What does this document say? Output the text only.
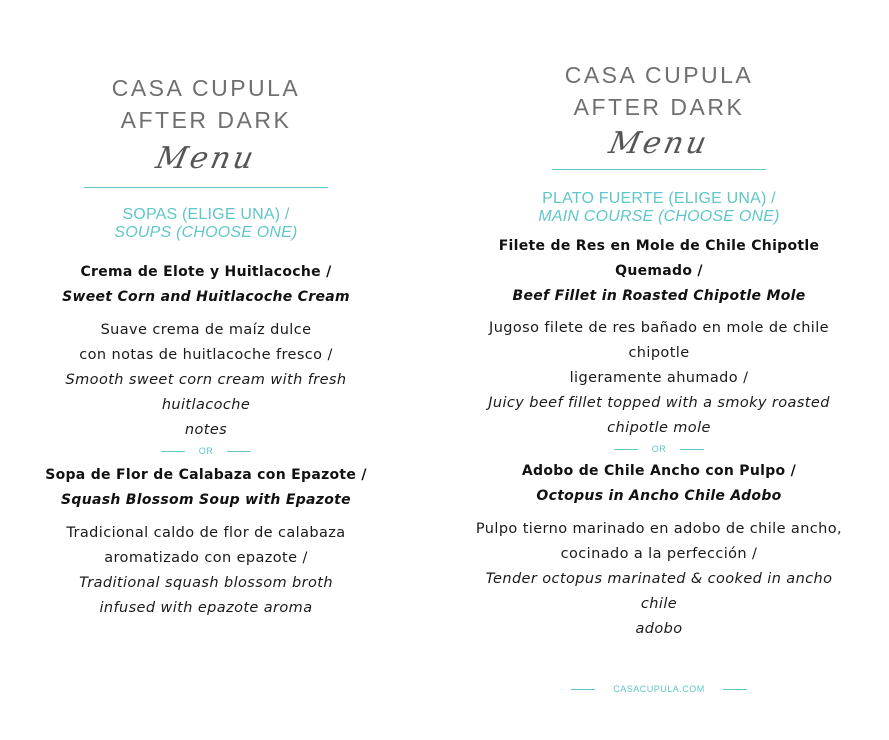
CASA CUPULA
AFTER DARK
Menu
SOPAS (ELIGE UNA) /
SOUPS (CHOOSE ONE)
Crema de Elote y Huitlacoche /
Sweet Corn and Huitlacoche Cream
Suave crema de maíz dulce
con notas de huitlacoche fresco /
Smooth sweet corn cream with fresh huitlacoche
notes
OR
Sopa de Flor de Calabaza con Epazote /
Squash Blossom Soup with Epazote
Tradicional caldo de flor de calabaza
aromatizado con epazote /
Traditional squash blossom broth
infused with epazote aroma
CASA CUPULA
AFTER DARK
Menu
PLATO FUERTE (ELIGE UNA) /
MAIN COURSE (CHOOSE ONE)
Filete de Res en Mole de Chile Chipotle
Quemado /
Beef Fillet in Roasted Chipotle Mole
Jugoso filete de res bañado en mole de chile
chipotle
ligeramente ahumado /
Juicy beef fillet topped with a smoky roasted
chipotle mole
OR
Adobo de Chile Ancho con Pulpo /
Octopus in Ancho Chile Adobo
Pulpo tierno marinado en adobo de chile ancho,
cocinado a la perfección /
Tender octopus marinated & cooked in ancho chile
adobo
CASACUPULA.COM
